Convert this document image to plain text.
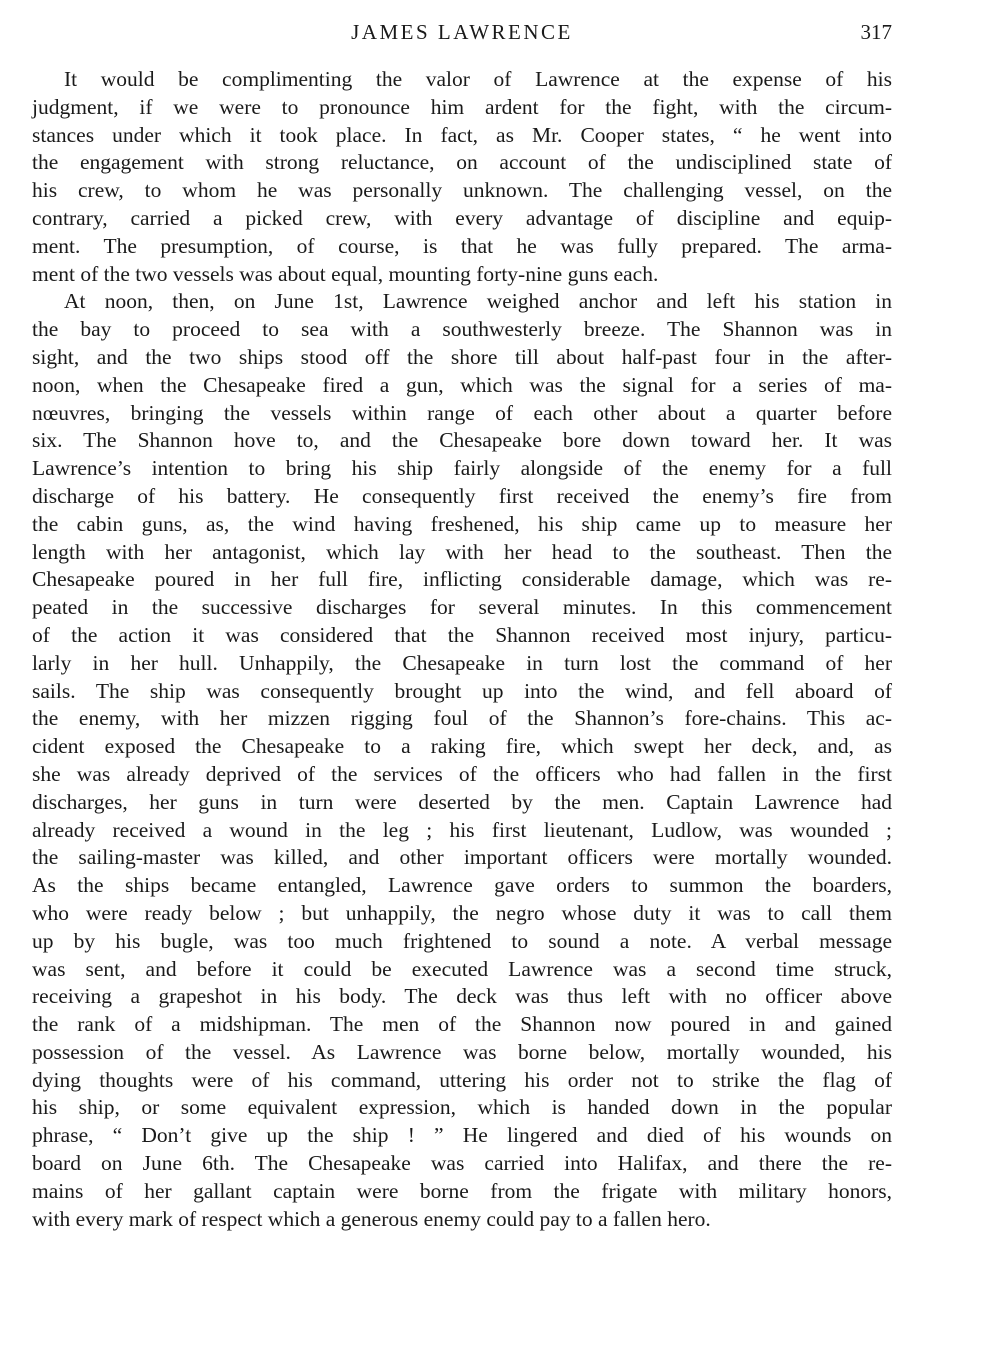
JAMES LAWRENCE	317
It would be complimenting the valor of Lawrence at the expense of his
judgment, if we were to pronounce him ardent for the fight, with the circum-
stances under which it took place. In fact, as Mr. Cooper states, “ he went into
the engagement with strong reluctance, on account of the undisciplined state of
his crew, to whom he was personally unknown. The challenging vessel, on the
contrary, carried a picked crew, with every advantage of discipline and equip-
ment. The presumption, of course, is that he was fully prepared. The arma-
ment of the two vessels was about equal, mounting forty-nine guns each.
At noon, then, on June 1st, Lawrence weighed anchor and left his station in
the bay to proceed to sea with a southwesterly breeze. The Shannon was in
sight, and the two ships stood off the shore till about half-past four in the after-
noon, when the Chesapeake fired a gun, which was the signal for a series of ma-
nœuvres, bringing the vessels within range of each other about a quarter before
six. The Shannon hove to, and the Chesapeake bore down toward her. It was
Lawrence’s intention to bring his ship fairly alongside of the enemy for a full
discharge of his battery. He consequently first received the enemy’s fire from
the cabin guns, as, the wind having freshened, his ship came up to measure her
length with her antagonist, which lay with her head to the southeast. Then the
Chesapeake poured in her full fire, inflicting considerable damage, which was re-
peated in the successive discharges for several minutes. In this commencement
of the action it was considered that the Shannon received most injury, particu-
larly in her hull. Unhappily, the Chesapeake in turn lost the command of her
sails. The ship was consequently brought up into the wind, and fell aboard of
the enemy, with her mizzen rigging foul of the Shannon’s fore-chains. This ac-
cident exposed the Chesapeake to a raking fire, which swept her deck, and, as
she was already deprived of the services of the officers who had fallen in the first
discharges, her guns in turn were deserted by the men. Captain Lawrence had
already received a wound in the leg ; his first lieutenant, Ludlow, was wounded ;
the sailing-master was killed, and other important officers were mortally wounded.
As the ships became entangled, Lawrence gave orders to summon the boarders,
who were ready below ; but unhappily, the negro whose duty it was to call them
up by his bugle, was too much frightened to sound a note. A verbal message
was sent, and before it could be executed Lawrence was a second time struck,
receiving a grapeshot in his body. The deck was thus left with no officer above
the rank of a midshipman. The men of the Shannon now poured in and gained
possession of the vessel. As Lawrence was borne below, mortally wounded, his
dying thoughts were of his command, uttering his order not to strike the flag of
his ship, or some equivalent expression, which is handed down in the popular
phrase, “ Don’t give up the ship ! ” He lingered and died of his wounds on
board on June 6th. The Chesapeake was carried into Halifax, and there the re-
mains of her gallant captain were borne from the frigate with military honors,
with every mark of respect which a generous enemy could pay to a fallen hero.
